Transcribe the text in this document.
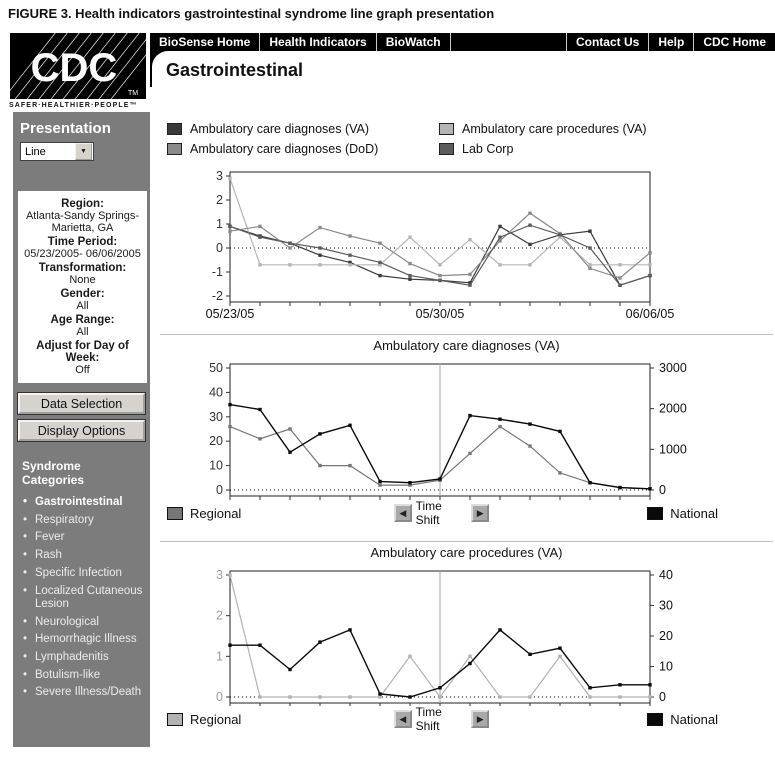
FIGURE 3. Health indicators gastrointestinal syndrome line graph presentation
CDC
TM
SAFER·HEALTHIER·PEOPLE™
BioSense Home	Health Indicators	BioWatch	Contact Us	Help	CDC Home
Gastrointestinal
Presentation
Line	▼
Region:
Atlanta-Sandy Springs-Marietta, GA
Time Period:
05/23/2005- 06/06/2005
Transformation:
None
Gender:
All
Age Range:
All
Adjust for Day of Week:
Off
Data Selection
Display Options
Syndrome Categories
• Gastrointestinal
• Respiratory
• Fever
• Rash
• Specific Infection
• Localized Cutaneous Lesion
• Neurological
• Hemorrhagic Illness
• Lymphadenitis
• Botulism-like
• Severe Illness/Death
Ambulatory care diagnoses (VA)	Ambulatory care procedures (VA)
Ambulatory care diagnoses (DoD)	Lab Corp
3
2
1
0
-1
-2
05/23/05	05/30/05	06/06/05
Ambulatory care diagnoses (VA)
50
40
30
20
10
0
3000
2000
1000
0
Regional	◀ Time Shift	▶	National
Ambulatory care procedures (VA)
3
2
1
0
40
30
20
10
0
Regional	◀ Time Shift	▶	National
